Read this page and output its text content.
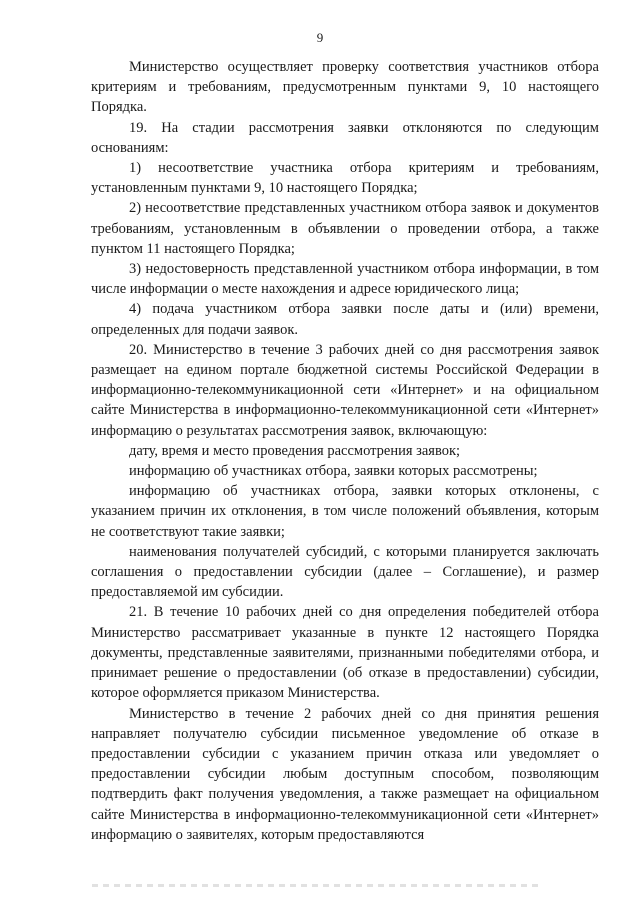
9

Министерство осуществляет проверку соответствия участников отбора критериям и требованиям, предусмотренным пунктами 9, 10 настоящего Порядка.

19. На стадии рассмотрения заявки отклоняются по следующим основаниям:

1) несоответствие участника отбора критериям и требованиям, установленным пунктами 9, 10 настоящего Порядка;

2) несоответствие представленных участником отбора заявок и документов требованиям, установленным в объявлении о проведении отбора, а также пунктом 11 настоящего Порядка;

3) недостоверность представленной участником отбора информации, в том числе информации о месте нахождения и адресе юридического лица;

4) подача участником отбора заявки после даты и (или) времени, определенных для подачи заявок.

20. Министерство в течение 3 рабочих дней со дня рассмотрения заявок размещает на едином портале бюджетной системы Российской Федерации в информационно-телекоммуникационной сети «Интернет» и на официальном сайте Министерства в информационно-телекоммуникационной сети «Интернет» информацию о результатах рассмотрения заявок, включающую:

дату, время и место проведения рассмотрения заявок;

информацию об участниках отбора, заявки которых рассмотрены;

информацию об участниках отбора, заявки которых отклонены, с указанием причин их отклонения, в том числе положений объявления, которым не соответствуют такие заявки;

наименования получателей субсидий, с которыми планируется заключать соглашения о предоставлении субсидии (далее – Соглашение), и размер предоставляемой им субсидии.

21. В течение 10 рабочих дней со дня определения победителей отбора Министерство рассматривает указанные в пункте 12 настоящего Порядка документы, представленные заявителями, признанными победителями отбора, и принимает решение о предоставлении (об отказе в предоставлении) субсидии, которое оформляется приказом Министерства.

Министерство в течение 2 рабочих дней со дня принятия решения направляет получателю субсидии письменное уведомление об отказе в предоставлении субсидии с указанием причин отказа или уведомляет о предоставлении субсидии любым доступным способом, позволяющим подтвердить факт получения уведомления, а также размещает на официальном сайте Министерства в информационно-телекоммуникационной сети «Интернет» информацию о заявителях, которым предоставляются
